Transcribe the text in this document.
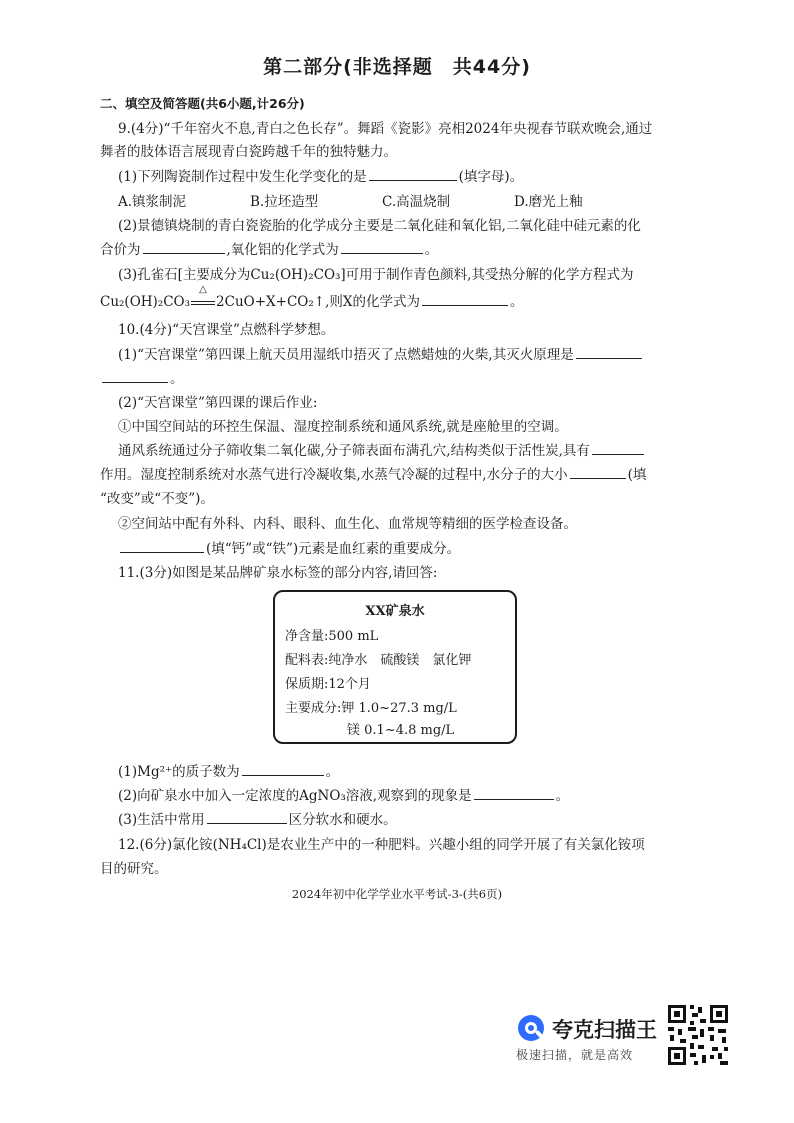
第二部分(非选择题　共44分)
二、填空及简答题(共6小题,计26分)
9.(4分)“千年窑火不息,青白之色长存”。舞蹈《瓷影》亮相2024年央视春节联欢晚会,通过
舞者的肢体语言展现青白瓷跨越千年的独特魅力。
(1)下列陶瓷制作过程中发生化学变化的是	(填字母)。
A.镇浆制泥	B.拉坯造型	C.高温烧制	D.磨光上釉
(2)景德镇烧制的青白瓷瓷胎的化学成分主要是二氧化硅和氧化铝,二氧化硅中硅元素的化
合价为	,氧化铝的化学式为	。
(3)孔雀石[主要成分为Cu₂(OH)₂CO₃]可用于制作青色颜料,其受热分解的化学方程式为
Cu₂(OH)₂CO₃
△
2CuO+X+CO₂↑,则X的化学式为	。
10.(4分)“天宫课堂”点燃科学梦想。
(1)“天宫课堂”第四课上航天员用湿纸巾捂灭了点燃蜡烛的火柴,其灭火原理是
。
(2)“天宫课堂”第四课的课后作业:
①中国空间站的环控生保温、湿度控制系统和通风系统,就是座舱里的空调。
通风系统通过分子筛收集二氧化碳,分子筛表面布满孔穴,结构类似于活性炭,具有
作用。湿度控制系统对水蒸气进行冷凝收集,水蒸气冷凝的过程中,水分子的大小	(填
“改变”或“不变”)。
②空间站中配有外科、内科、眼科、血生化、血常规等精细的医学检查设备。
(填“钙”或“铁”)元素是血红素的重要成分。
11.(3分)如图是某品牌矿泉水标签的部分内容,请回答:
XX矿泉水
净含量:500 mL
配料表:纯净水　硫酸镁　氯化钾
保质期:12个月
主要成分:钾 1.0~27.3 mg/L
镁 0.1~4.8 mg/L
(1)Mg²⁺的质子数为	。
(2)向矿泉水中加入一定浓度的AgNO₃溶液,观察到的现象是	。
(3)生活中常用	区分软水和硬水。
12.(6分)氯化铵(NH₄Cl)是农业生产中的一种肥料。兴趣小组的同学开展了有关氯化铵项
目的研究。
2024年初中化学学业水平考试-3-(共6页)
夸克扫描王
极速扫描，就是高效
